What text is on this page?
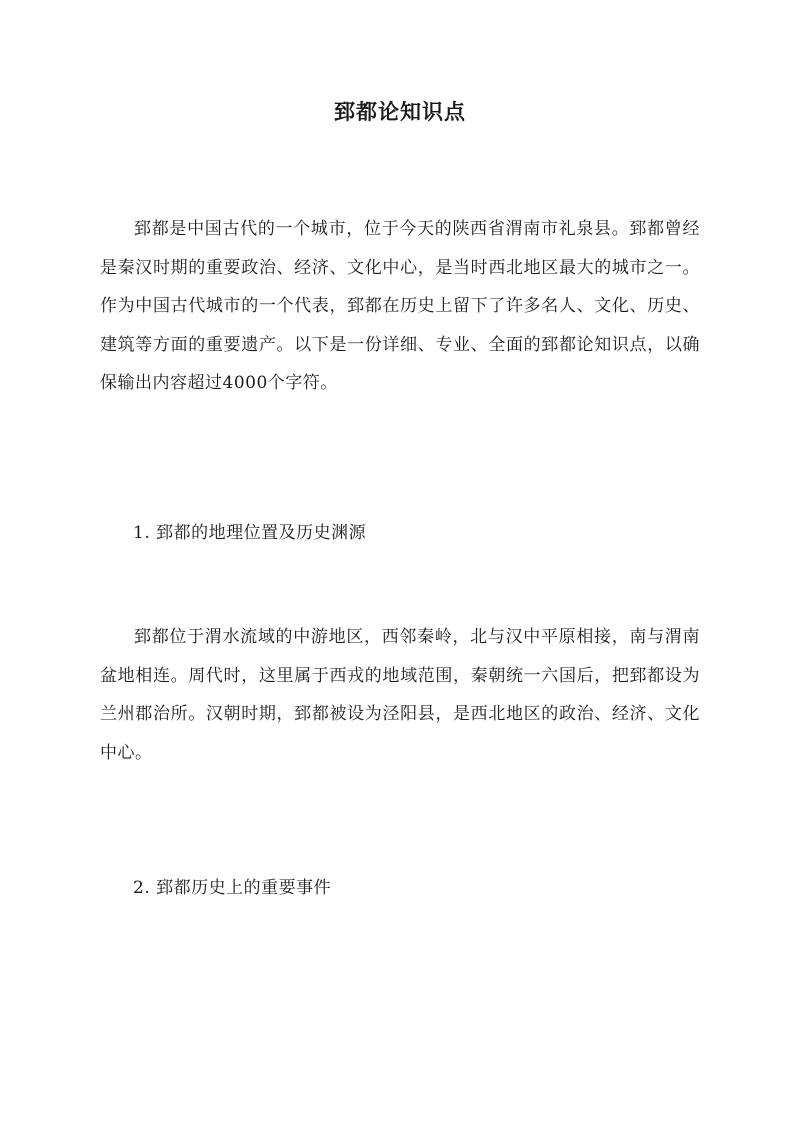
郅都论知识点

郅都是中国古代的一个城市，位于今天的陕西省渭南市礼泉县。郅都曾经是秦汉时期的重要政治、经济、文化中心，是当时西北地区最大的城市之一。作为中国古代城市的一个代表，郅都在历史上留下了许多名人、文化、历史、建筑等方面的重要遗产。以下是一份详细、专业、全面的郅都论知识点，以确保输出内容超过4000个字符。

1. 郅都的地理位置及历史渊源

郅都位于渭水流域的中游地区，西邻秦岭，北与汉中平原相接，南与渭南盆地相连。周代时，这里属于西戎的地域范围，秦朝统一六国后，把郅都设为兰州郡治所。汉朝时期，郅都被设为泾阳县，是西北地区的政治、经济、文化中心。

2. 郅都历史上的重要事件
